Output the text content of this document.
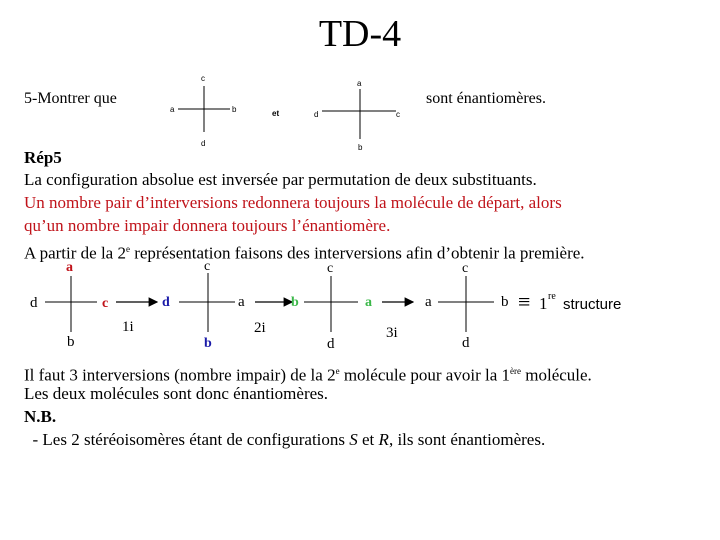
TD-4
5-Montrer que	sont énantiomères.
c
a	b
d
et
a
d	c
b
Rép5
La configuration absolue est inversée par permutation de deux substituants.
Un nombre pair d’interversions redonnera toujours la molécule de départ, alors
qu’un nombre impair donnera toujours l’énantiomère.
A partir de la 2e représentation faisons des interversions afin d’obtenir la première.
a
d	c
b
1i
c
d	a
b
2i
c
b	a
d
3i
c
a	b
d
≡ 1 re structure
Il faut 3 interversions (nombre impair) de la 2e molécule pour avoir la 1ère molécule.
Les deux molécules sont donc énantiomères.
N.B.
- Les 2 stéréoisomères étant de configurations S et R, ils sont énantiomères.
